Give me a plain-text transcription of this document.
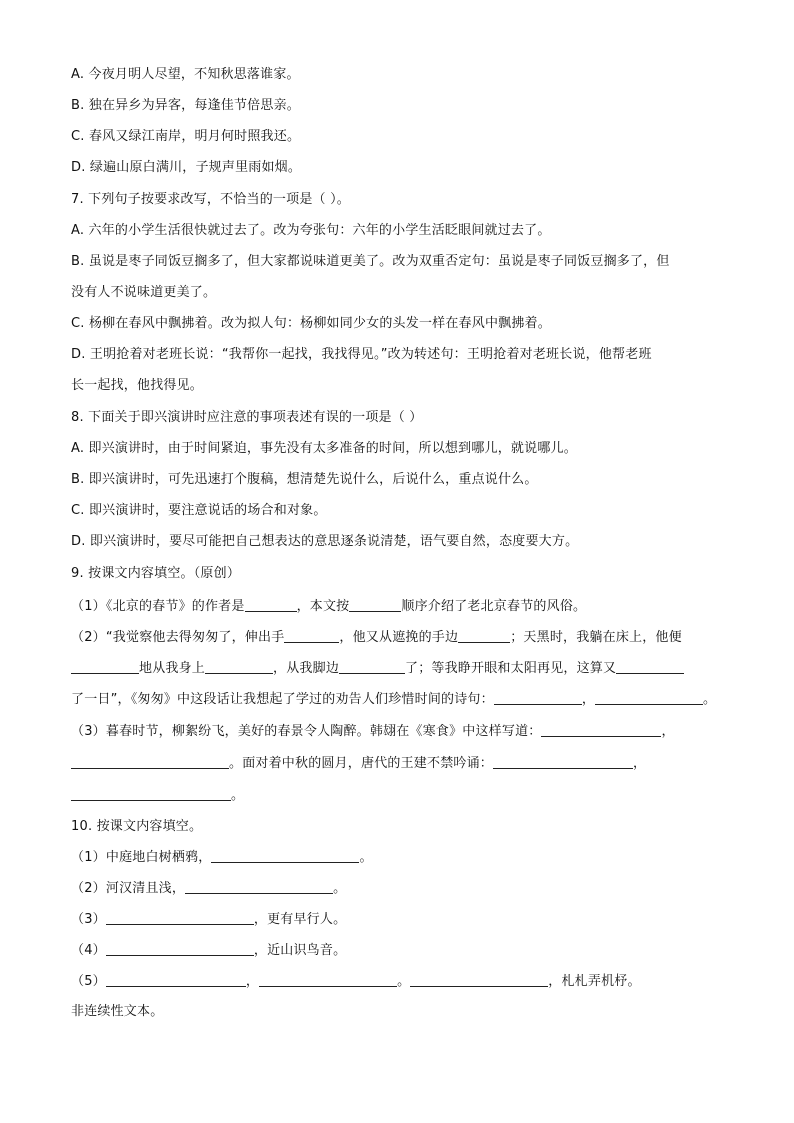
A. 今夜月明人尽望，不知秋思落谁家。
B. 独在异乡为异客，每逢佳节倍思亲。
C. 春风又绿江南岸，明月何时照我还。
D. 绿遍山原白满川，子规声里雨如烟。
7. 下列句子按要求改写，不恰当的一项是（ ）。
A. 六年的小学生活很快就过去了。改为夸张句：六年的小学生活眨眼间就过去了。
B. 虽说是枣子同饭豆搁多了，但大家都说味道更美了。改为双重否定句：虽说是枣子同饭豆搁多了，但
没有人不说味道更美了。
C. 杨柳在春风中飘拂着。改为拟人句：杨柳如同少女的头发一样在春风中飘拂着。
D. 王明抢着对老班长说：“我帮你一起找，我找得见。”改为转述句：王明抢着对老班长说，他帮老班
长一起找，他找得见。
8. 下面关于即兴演讲时应注意的事项表述有误的一项是（ ）
A. 即兴演讲时，由于时间紧迫，事先没有太多准备的时间，所以想到哪儿，就说哪儿。
B. 即兴演讲时，可先迅速打个腹稿，想清楚先说什么，后说什么，重点说什么。
C. 即兴演讲时，要注意说话的场合和对象。
D. 即兴演讲时，要尽可能把自己想表达的意思逐条说清楚，语气要自然，态度要大方。
9. 按课文内容填空。（原创）
（1）《北京的春节》的作者是	，本文按	顺序介绍了老北京春节的风俗。
（2）“我觉察他去得匆匆了，伸出手	，他又从遮挽的手边	；天黑时，我躺在床上，他便
地从我身上	，从我脚边	了；等我睁开眼和太阳再见，这算又
了一日”，《匆匆》中这段话让我想起了学过的劝告人们珍惜时间的诗句：	，	。
（3）暮春时节，柳絮纷飞，美好的春景令人陶醉。韩翃在《寒食》中这样写道：	，
。面对着中秋的圆月，唐代的王建不禁吟诵：	，
。
10. 按课文内容填空。
（1）中庭地白树栖鸦，	。
（2）河汉清且浅，	。
（3）	，更有早行人。
（4）	，近山识鸟音。
（5）	，	。	，札札弄机杼。
非连续性文本。
